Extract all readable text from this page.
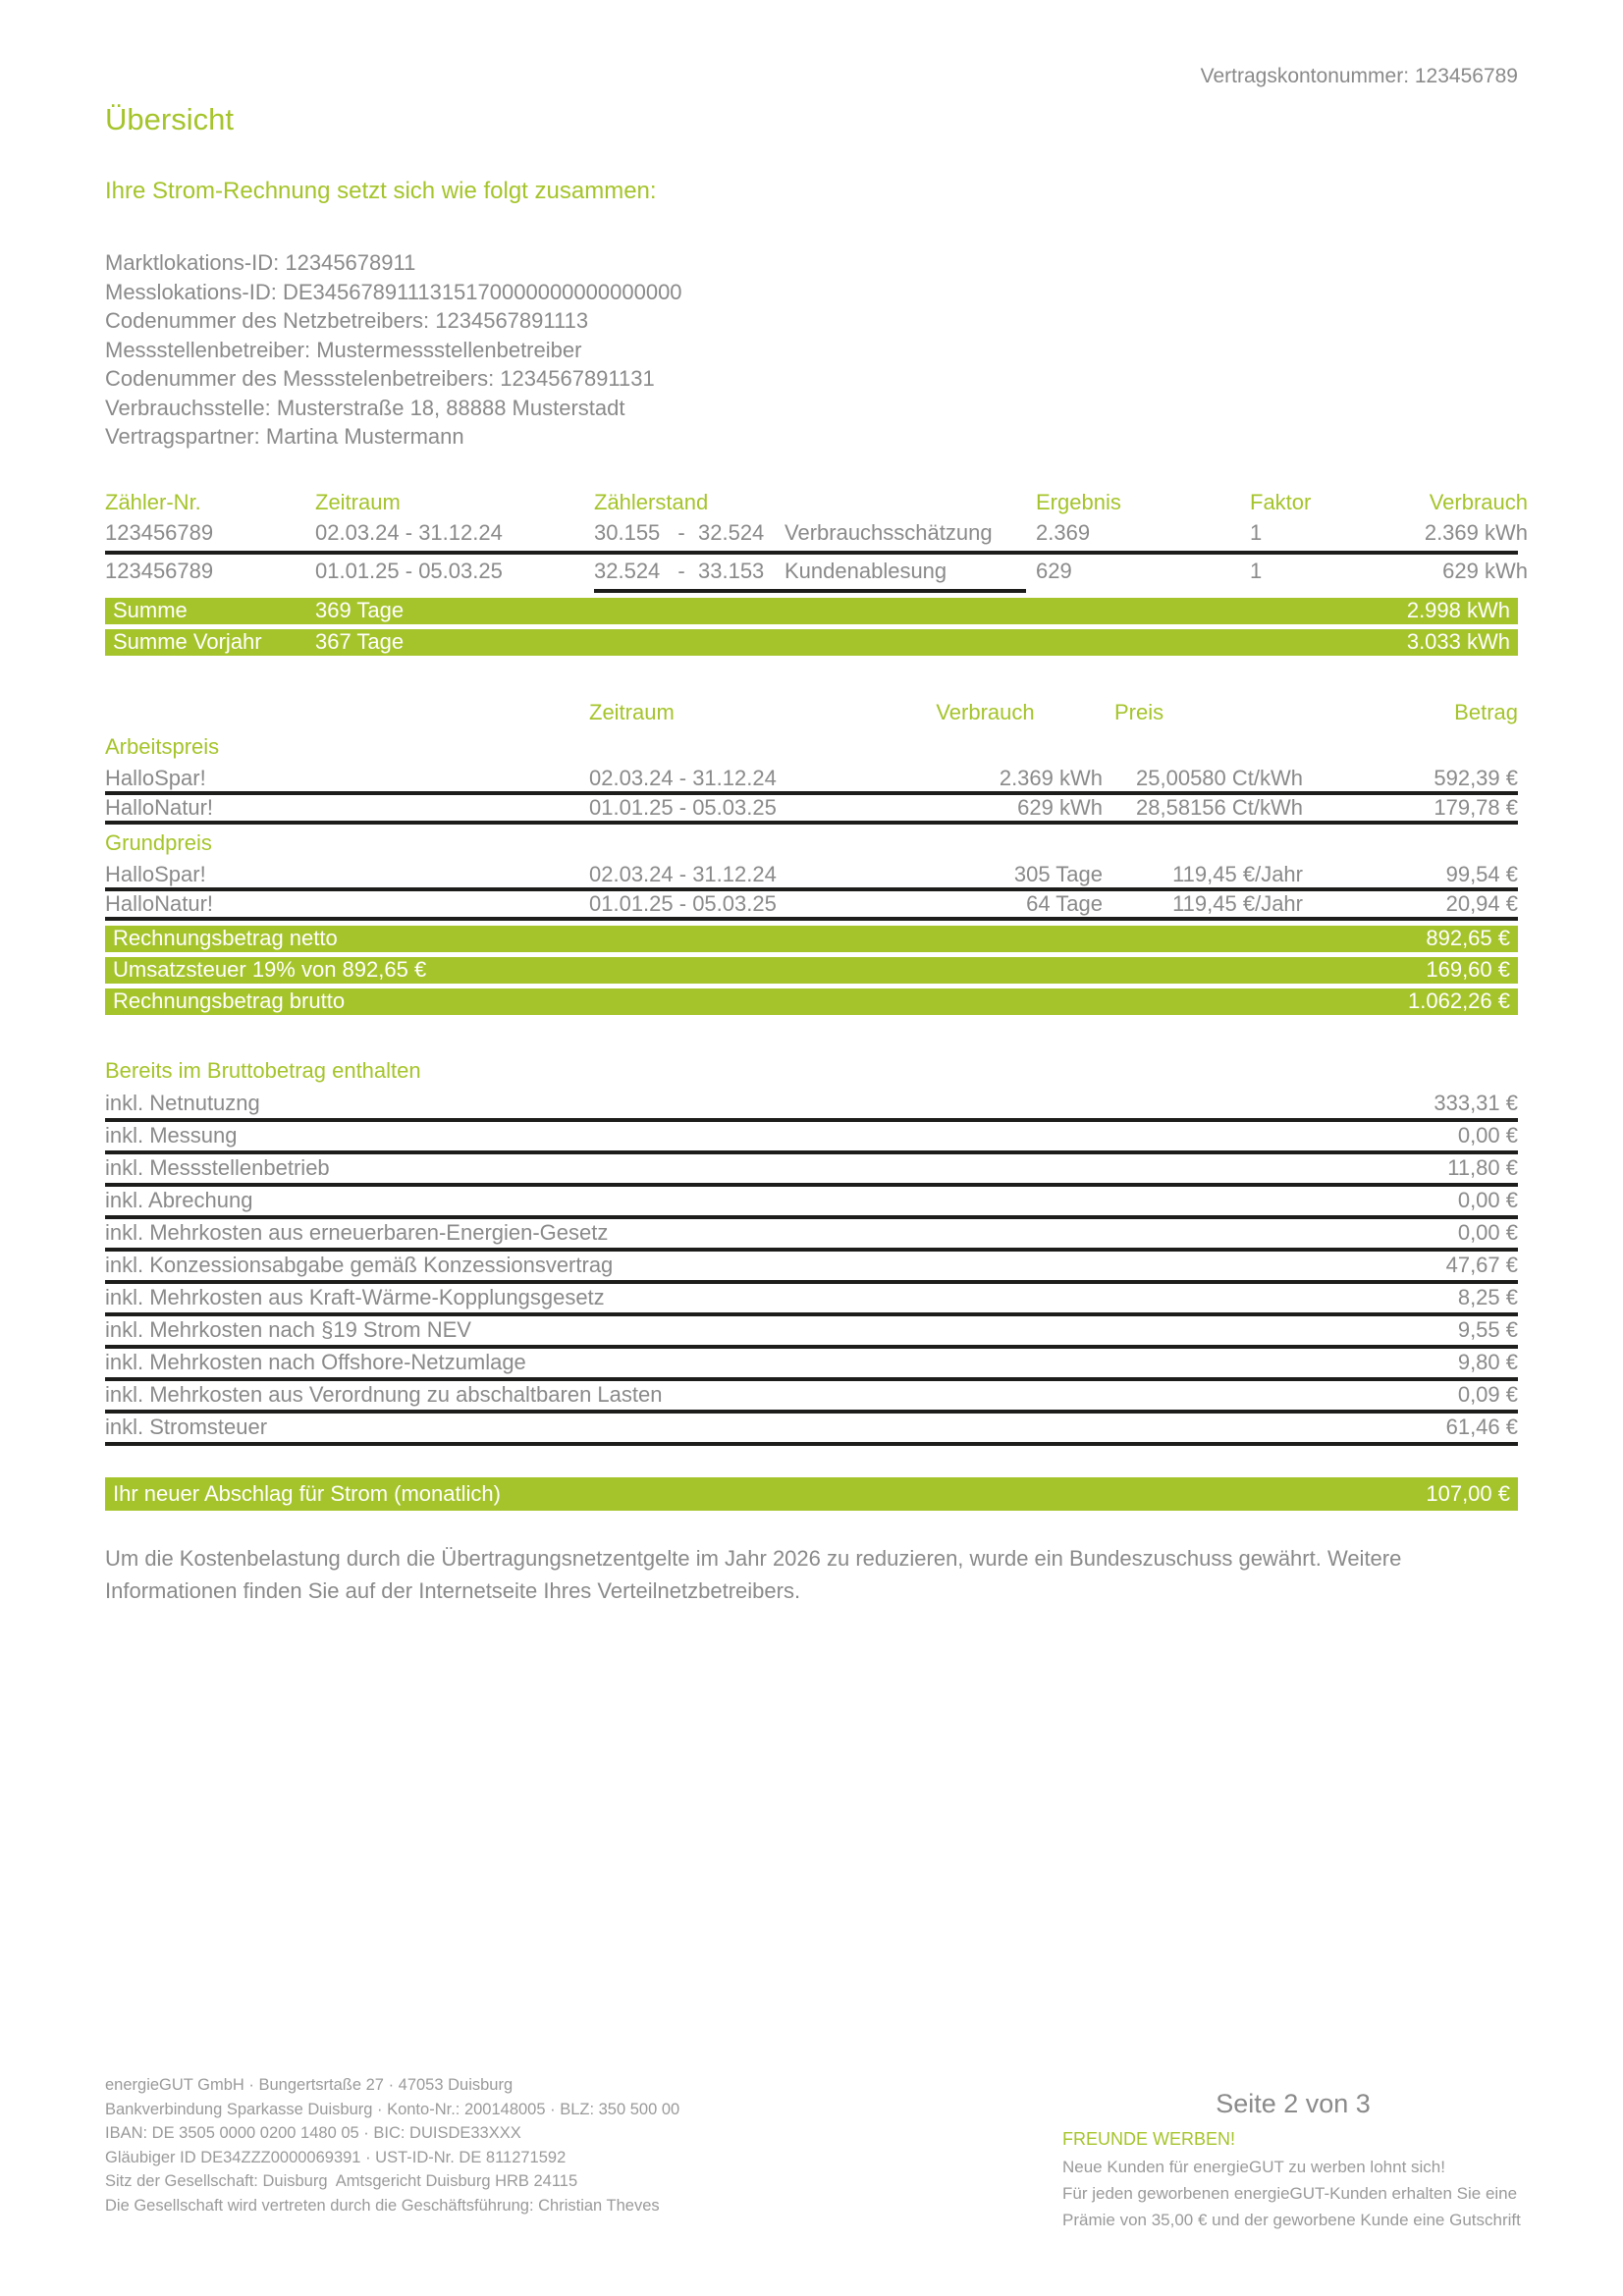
Vertragskontonummer: 123456789
Übersicht
Ihre Strom-Rechnung setzt sich wie folgt zusammen:
Marktlokations-ID: 12345678911
Messlokations-ID: DE3456789111315170000000000000000
Codenummer des Netzbetreibers: 1234567891113
Messstellenbetreiber: Mustermessstellenbetreiber
Codenummer des Messstelenbetreibers: 1234567891131
Verbrauchsstelle: Musterstraße 18, 88888 Musterstadt
Vertragspartner: Martina Mustermann
Zähler-Nr.	Zeitraum	Zählerstand	Ergebnis	Faktor	Verbrauch
123456789	02.03.24 - 31.12.24	30.155 - 32.524 Verbrauchsschätzung	2.369	1	2.369 kWh
123456789	01.01.25 - 05.03.25	32.524 - 33.153 Kundenablesung	629	1	629 kWh
Summe	369 Tage	2.998 kWh
Summe Vorjahr	367 Tage	3.033 kWh
Zeitraum	Verbrauch	Preis	Betrag
Arbeitspreis
HalloSpar!	02.03.24 - 31.12.24	2.369 kWh	25,00580 Ct/kWh	592,39 €
HalloNatur!	01.01.25 - 05.03.25	629 kWh	28,58156 Ct/kWh	179,78 €
Grundpreis
HalloSpar!	02.03.24 - 31.12.24	305 Tage	119,45 €/Jahr	99,54 €
HalloNatur!	01.01.25 - 05.03.25	64 Tage	119,45 €/Jahr	20,94 €
Rechnungsbetrag netto	892,65 €
Umsatzsteuer 19% von 892,65 €	169,60 €
Rechnungsbetrag brutto	1.062,26 €
Bereits im Bruttobetrag enthalten
inkl. Netnutuzng	333,31 €
inkl. Messung	0,00 €
inkl. Messstellenbetrieb	11,80 €
inkl. Abrechung	0,00 €
inkl. Mehrkosten aus erneuerbaren-Energien-Gesetz	0,00 €
inkl. Konzessionsabgabe gemäß Konzessionsvertrag	47,67 €
inkl. Mehrkosten aus Kraft-Wärme-Kopplungsgesetz	8,25 €
inkl. Mehrkosten nach §19 Strom NEV	9,55 €
inkl. Mehrkosten nach Offshore-Netzumlage	9,80 €
inkl. Mehrkosten aus Verordnung zu abschaltbaren Lasten	0,09 €
inkl. Stromsteuer	61,46 €
Ihr neuer Abschlag für Strom (monatlich)	107,00 €

Um die Kostenbelastung durch die Übertragungsnetzentgelte im Jahr 2026 zu reduzieren, wurde ein Bundeszuschuss gewährt. Weitere Informationen finden Sie auf der Internetseite Ihres Verteilnetzbetreibers.

energieGUT GmbH · Bungertsrtaße 27 · 47053 Duisburg
Bankverbindung Sparkasse Duisburg · Konto-Nr.: 200148005 · BLZ: 350 500 00
IBAN: DE 3505 0000 0200 1480 05 · BIC: DUISDE33XXX
Gläubiger ID DE34ZZZ0000069391 · UST-ID-Nr. DE 811271592
Sitz der Gesellschaft: Duisburg  Amtsgericht Duisburg HRB 24115
Die Gesellschaft wird vertreten durch die Geschäftsführung: Christian Theves
Seite 2 von 3
FREUNDE WERBEN!
Neue Kunden für energieGUT zu werben lohnt sich!
Für jeden geworbenen energieGUT-Kunden erhalten Sie eine
Prämie von 35,00 € und der geworbene Kunde eine Gutschrift
